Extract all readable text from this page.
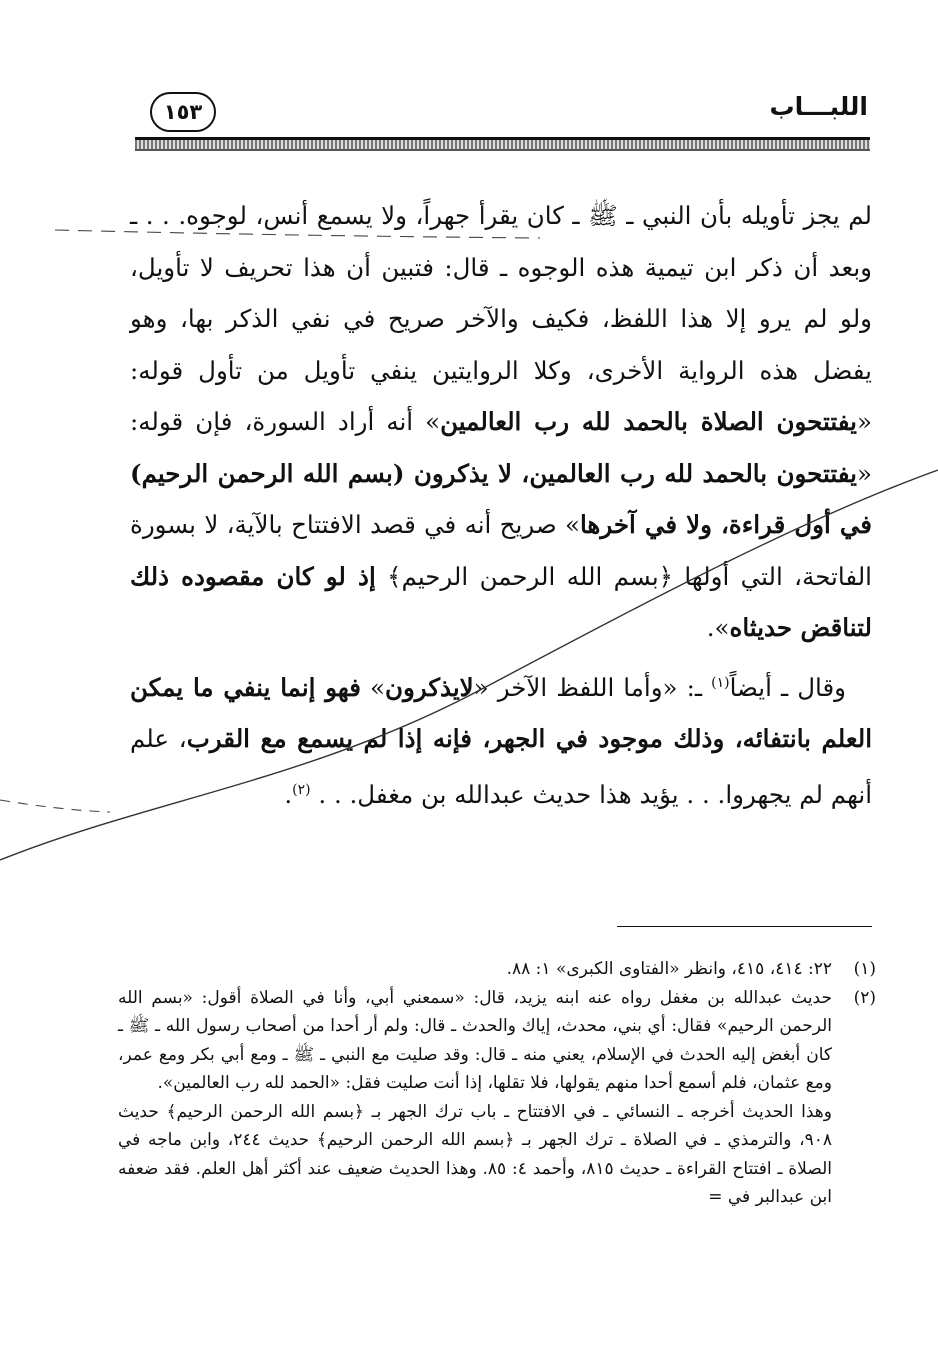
اللبـــاب
١٥٣

لم يجز تأويله بأن النبي ـ ﷺ ـ كان يقرأ جهراً، ولا يسمع أنس، لوجوه. . . ـ وبعد أن ذكر ابن تيمية هذه الوجوه ـ قال: فتبين أن هذا تحريف لا تأويل، ولو لم يرو إلا هذا اللفظ، فكيف والآخر صريح في نفي الذكر بها، وهو يفضل هذه الرواية الأخرى، وكلا الروايتين ينفي تأويل من تأول قوله: «يفتتحون الصلاة بالحمد لله رب العالمين» أنه أراد السورة، فإن قوله: «يفتتحون بالحمد لله رب العالمين، لا يذكرون (بسم الله الرحمن الرحيم) في أول قراءة، ولا في آخرها» صريح أنه في قصد الافتتاح بالآية، لا بسورة الفاتحة، التي أولها ﴿بسم الله الرحمن الرحيم﴾ إذ لو كان مقصوده ذلك لتناقض حديثاه».

وقال ـ أيضاً$^{(١)}$ ـ: «وأما اللفظ الآخر «لايذكرون» فهو إنما ينفي ما يمكن العلم بانتفائه، وذلك موجود في الجهر، فإنه إذا لم يسمع مع القرب، علم أنهم لم يجهروا. . . يؤيد هذا حديث عبدالله بن مغفل. . . $^{(٢)}$.

(١)

٢٢: ٤١٤، ٤١٥، وانظر «الفتاوى الكبرى» ١: ٨٨.

(٢)

حديث عبدالله بن مغفل رواه عنه ابنه يزيد، قال: «سمعني أبي، وأنا في الصلاة أقول: «بسم الله الرحمن الرحيم» فقال: أي بني، محدث، إياك والحدث ـ قال: ولم أر أحدا من أصحاب رسول الله ـ ﷺ ـ كان أبغض إليه الحدث في الإسلام، يعني منه ـ قال: وقد صليت مع النبي ـ ﷺ ـ ومع أبي بكر ومع عمر، ومع عثمان، فلم أسمع أحدا منهم يقولها، فلا تقلها، إذا أنت صليت فقل: «الحمد لله رب العالمين».

وهذا الحديث أخرجه ـ النسائي ـ في الافتتاح ـ باب ترك الجهر بـ ﴿بسم الله الرحمن الرحيم﴾ حديث ٩٠٨، والترمذي ـ في الصلاة ـ ترك الجهر بـ ﴿بسم الله الرحمن الرحيم﴾ حديث ٢٤٤، وابن ماجه في الصلاة ـ افتتاح القراءة ـ حديث ٨١٥، وأحمد ٤: ٨٥. وهذا الحديث ضعيف عند أكثر أهل العلم. فقد ضعفه ابن عبدالبر في =
